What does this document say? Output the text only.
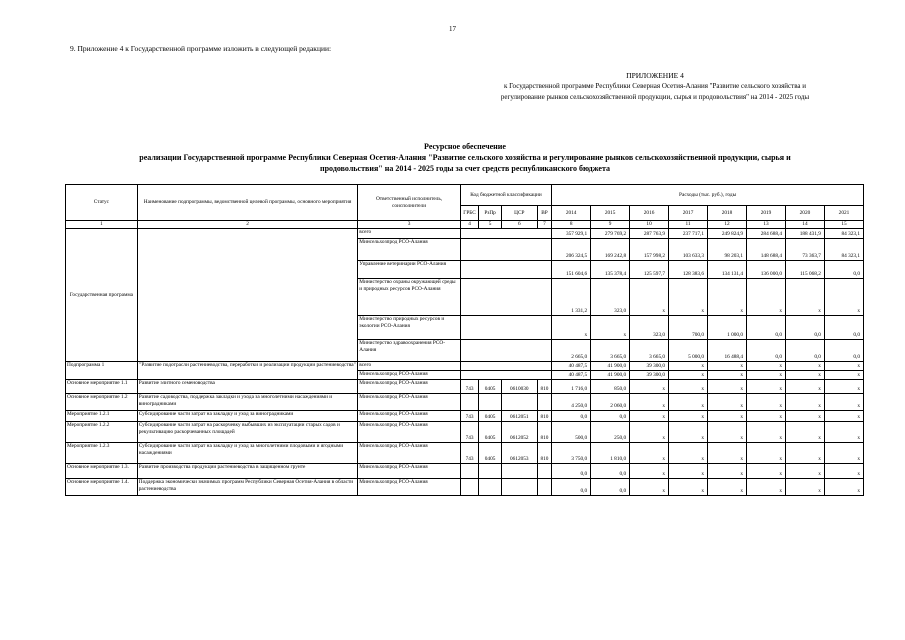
17
9. Приложение 4 к Государственной программе изложить в следующей редакции:
ПРИЛОЖЕНИЕ 4
к Государственной программе Республики Северная Осетия-Алания "Развитие сельского хозяйства и
регулирование рынков сельскохозяйственной продукции, сырья и продовольствия" на 2014 - 2025 годы
Ресурсное обеспечение
реализации Государственной программе Республики Северная Осетия-Алания "Развитие сельского хозяйства и регулирование рынков сельскохозяйственной продукции, сырья и
продовольствия" на 2014 - 2025 годы за счет средств республиканского бюджета
Статус	Наименование подпрограммы, ведомственной целевой программы, основного мероприятия	Ответственный исполнитель, соисполнители	Код бюджетной классификации				Расходы (тыс. руб.), годы							
			ГРБС	РзПр	ЦСР	ВР	2014	2015	2016	2017	2018	2019	2020	2021
1	2	3	4	5	6	7	8	9	10	11	12	13	14	15
Государственная программа		всего					357 929,1	279 769,2	287 763,9	237 717,1	249 824,9	284 688,4	188 431,9	84 323,1
		Минсельхозпрод РСО-Алания					206 324,5	169 242,8	157 998,2	103 633,3	98 203,1	148 688,4	73 363,7	84 323,1
		Управление ветеринарии РСО-Алания					151 604,6	135 378,4	125 597,7	128 383,6	134 131,4	136 000,0	115 068,2	0,0
		Министерство охраны окружающей среды и природных ресурсов РСО-Алания					1 331,2	323,0	x	x	x	x	x	x
		Министерство природных ресурсов и экологии РСО-Алания					x	x	323,0	700,0	1 000,0	0,0	0,0	0,0
		Министерство здравоохранения РСО-Алания					2 665,0	3 665,0	3 665,0	5 000,0	16 488,4	0,0	0,0	0,0
Подпрограмма 1	"Развитие подотрасли растениеводства, переработки и реализации продукции растениеводства"	всего					40 487,5	41 900,0	39 300,0	x	x	x	x	x
		Минсельхозпрод РСО-Алания					40 487,5	41 900,0	39 300,0	x	x	x	x	x
Основное мероприятие 1.1	Развитие элитного семеноводства	Минсельхозпрод РСО-Алания	743	0405	0610030	810	1 716,0	850,0	x	x	x	x	x	x
Основное мероприятие 1.2	Развитие садоводства, поддержка закладки и ухода за многолетними насаждениями и виноградниками	Минсельхозпрод РСО-Алания					4 250,0	2 060,0	x	x	x	x	x	x
Мероприятие 1.2.1	Субсидирование части затрат на закладку и уход за виноградниками	Минсельхозпрод РСО-Алания	743	0405	0612051	810	0,0	0,0	x	x	x	x	x	x
Мероприятие 1.2.2	Субсидирование части затрат на раскорчевку выбывших из эксплуатации старых садов и рекультивацию раскорчеванных площадей	Минсельхозпрод РСО-Алания	743	0405	0612052	810	500,0	250,0	x	x	x	x	x	x
Мероприятие 1.2.3	Субсидирование части затрат на закладку и уход за многолетними плодовыми и ягодными насаждениями	Минсельхозпрод РСО-Алания	743	0405	0612053	810	3 750,0	1 810,0	x	x	x	x	x	x
Основное мероприятие 1.3.	Развитие производства продукции растениеводства в защищенном грунте	Минсельхозпрод РСО-Алания					0,0	0,0	x	x	x	x	x	x
Основное мероприятие 1.4.	Поддержка экономически значимых программ Республики Северная Осетия-Алания в области растениеводства	Минсельхозпрод РСО-Алания					0,0	0,0	x	x	x	x	x	x
